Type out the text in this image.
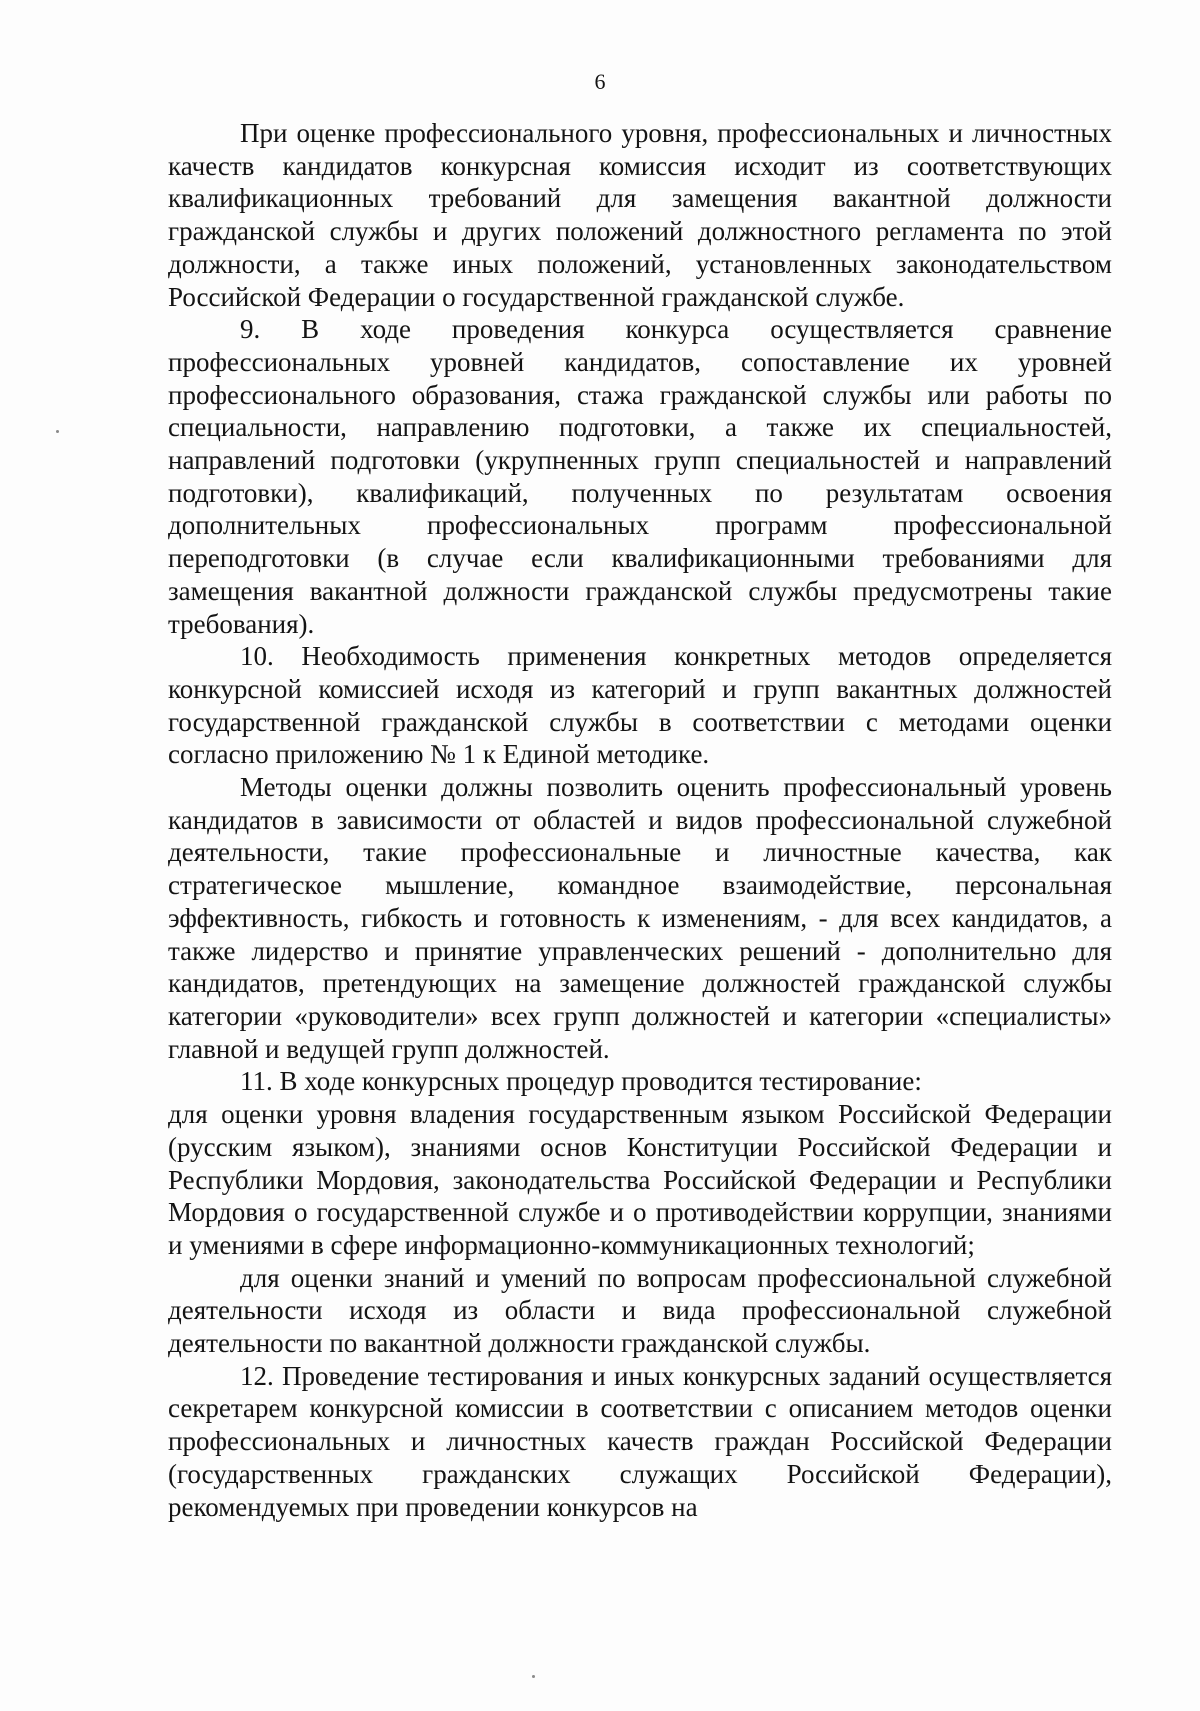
6

При оценке профессионального уровня, профессиональных и личностных качеств кандидатов конкурсная комиссия исходит из соответствующих квалификационных требований для замещения вакантной должности гражданской службы и других положений должностного регламента по этой должности, а также иных положений, установленных законодательством Российской Федерации о государственной гражданской службе.

9. В ходе проведения конкурса осуществляется сравнение профессиональных уровней кандидатов, сопоставление их уровней профессионального образования, стажа гражданской службы или работы по специальности, направлению подготовки, а также их специальностей, направлений подготовки (укрупненных групп специальностей и направлений подготовки), квалификаций, полученных по результатам освоения дополнительных профессиональных программ профессиональной переподготовки (в случае если квалификационными требованиями для замещения вакантной должности гражданской службы предусмотрены такие требования).

10. Необходимость применения конкретных методов определяется конкурсной комиссией исходя из категорий и групп вакантных должностей государственной гражданской службы в соответствии с методами оценки согласно приложению № 1 к Единой методике.

Методы оценки должны позволить оценить профессиональный уровень кандидатов в зависимости от областей и видов профессиональной служебной деятельности, такие профессиональные и личностные качества, как стратегическое мышление, командное взаимодействие, персональная эффективность, гибкость и готовность к изменениям, - для всех кандидатов, а также лидерство и принятие управленческих решений - дополнительно для кандидатов, претендующих на замещение должностей гражданской службы категории «руководители» всех групп должностей и категории «специалисты» главной и ведущей групп должностей.

11. В ходе конкурсных процедур проводится тестирование:

для оценки уровня владения государственным языком Российской Федерации (русским языком), знаниями основ Конституции Российской Федерации и Республики Мордовия, законодательства Российской Федерации и Республики Мордовия о государственной службе и о противодействии коррупции, знаниями и умениями в сфере информационно-коммуникационных технологий;

для оценки знаний и умений по вопросам профессиональной служебной деятельности исходя из области и вида профессиональной служебной деятельности по вакантной должности гражданской службы.

12. Проведение тестирования и иных конкурсных заданий осуществляется секретарем конкурсной комиссии в соответствии с описанием методов оценки профессиональных и личностных качеств граждан Российской Федерации (государственных гражданских служащих Российской Федерации), рекомендуемых при проведении конкурсов на
